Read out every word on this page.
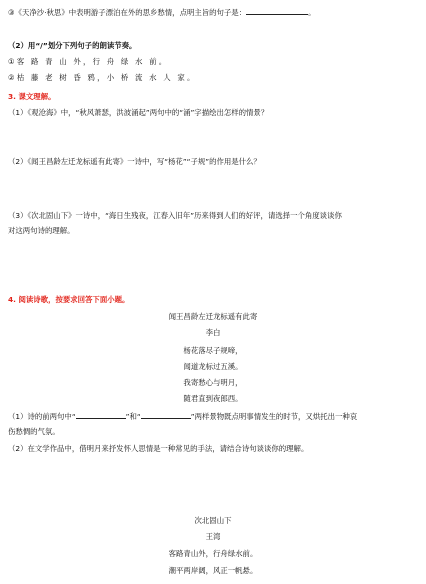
③《天净沙·秋思》中表明游子漂泊在外的思乡愁情，点明主旨的句子是：	。
（2）用“/”划分下列句子的朗读节奏。
①客 路 青 山 外，行 舟 绿 水 前。
②枯 藤 老 树 昏 鸦，小 桥 流 水 人 家。
3. 课文理解。
（1）《观沧海》中，“秋风萧瑟，洪波涌起”两句中的“涌”字描绘出怎样的情景？
（2）《闻王昌龄左迁龙标遥有此寄》一诗中，写“杨花”“子规”的作用是什么？
（3）《次北固山下》一诗中，“海日生残夜，江春入旧年”历来得到人们的好评，请选择一个角度谈谈你
对这两句诗的理解。
4. 阅读诗歌，按要求回答下面小题。
闻王昌龄左迁龙标遥有此寄
李白
杨花落尽子规啼，
闻道龙标过五溪。
我寄愁心与明月，
随君直到夜郎西。
（1）诗的前两句中“	”和“	”两样景物既点明事情发生的时节，又烘托出一种哀
伤愁惆的气氛。
（2）在文学作品中，借明月来抒发怀人思情是一种常见的手法，请结合诗句谈谈你的理解。
次北固山下
王湾
客路青山外，行舟绿水前。
潮平两岸阔，风正一帆悬。
